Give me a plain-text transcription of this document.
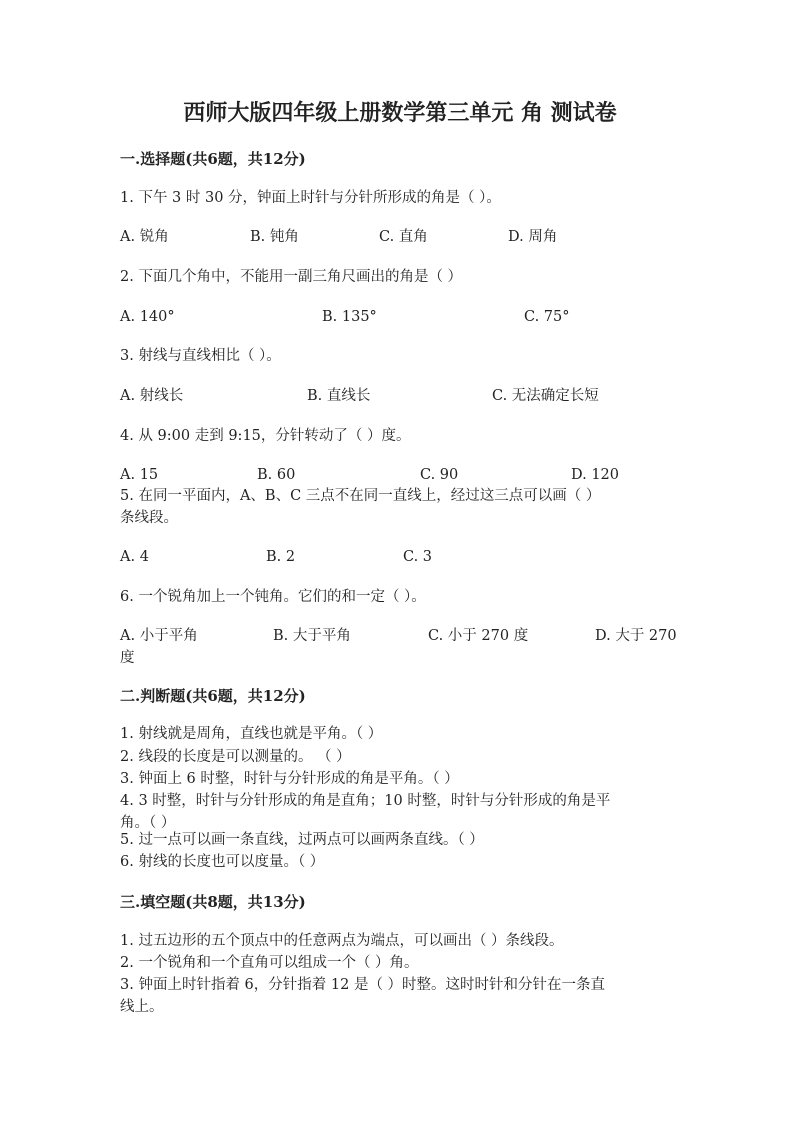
西师大版四年级上册数学第三单元 角 测试卷
一.选择题(共6题，共12分)
1. 下午 3 时 30 分，钟面上时针与分针所形成的角是（ ）。
A. 锐角	B. 钝角	C. 直角	D. 周角
2. 下面几个角中，不能用一副三角尺画出的角是（ ）
A. 140°	B. 135°	C. 75°
3. 射线与直线相比（ ）。
A. 射线长	B. 直线长	C. 无法确定长短
4. 从 9:00 走到 9:15，分针转动了（ ）度。
A. 15	B. 60	C. 90	D. 120
5. 在同一平面内，A、B、C 三点不在同一直线上，经过这三点可以画（ ）
条线段。
A. 4	B. 2	C. 3
6. 一个锐角加上一个钝角。它们的和一定（ ）。
A. 小于平角	B. 大于平角	C. 小于 270 度	D. 大于 270
度
二.判断题(共6题，共12分)
1. 射线就是周角，直线也就是平角。（ ）
2. 线段的长度是可以测量的。 （ ）
3. 钟面上 6 时整，时针与分针形成的角是平角。（ ）
4. 3 时整，时针与分针形成的角是直角；10 时整，时针与分针形成的角是平
角。（ ）
5. 过一点可以画一条直线，过两点可以画两条直线。（ ）
6. 射线的长度也可以度量。（ ）
三.填空题(共8题，共13分)
1. 过五边形的五个顶点中的任意两点为端点，可以画出（ ）条线段。
2. 一个锐角和一个直角可以组成一个（ ）角。
3. 钟面上时针指着 6，分针指着 12 是（ ）时整。这时时针和分针在一条直
线上。
